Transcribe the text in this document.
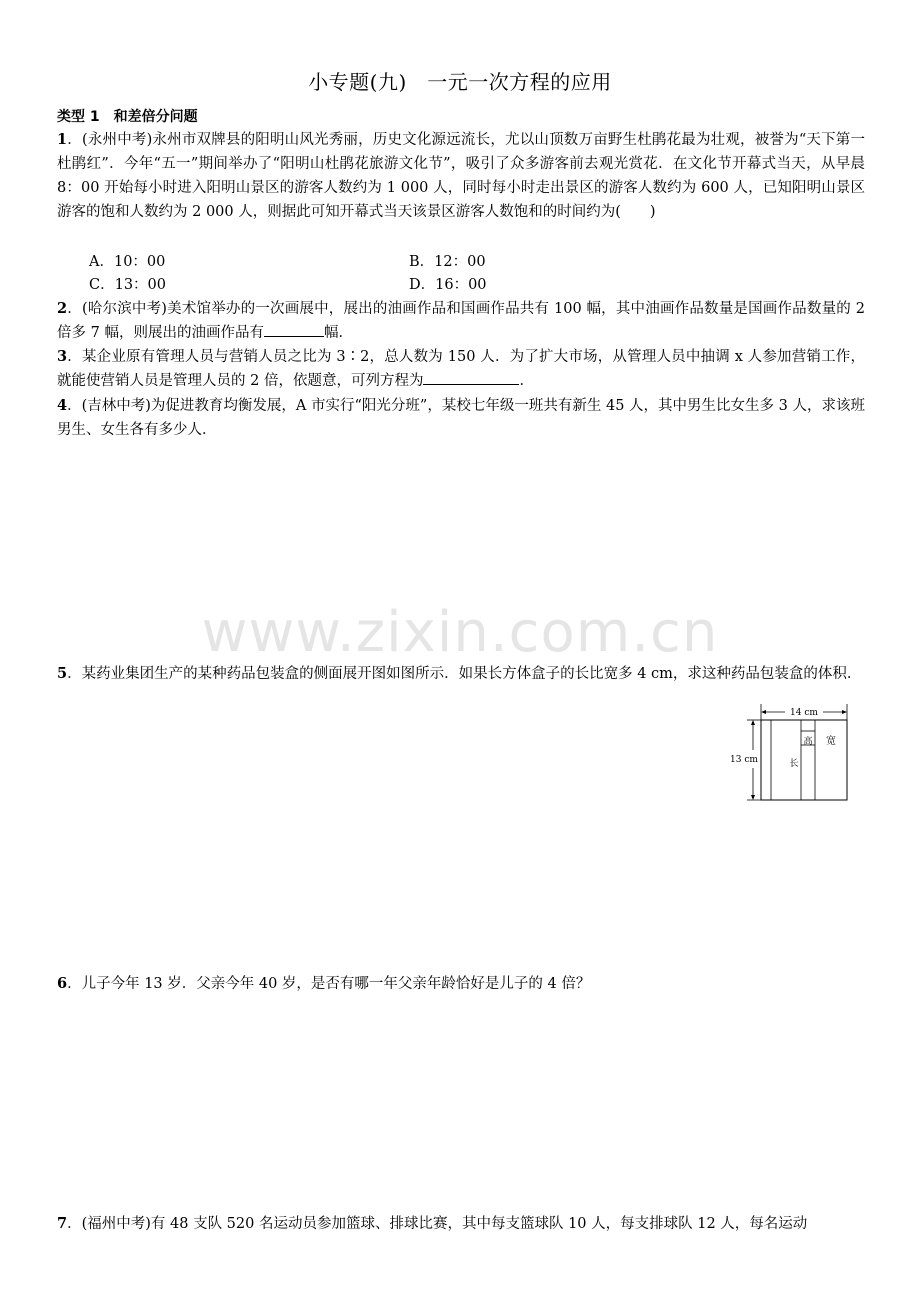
小专题(九)　一元一次方程的应用
类型 1　和差倍分问题
1．(永州中考)永州市双牌县的阳明山风光秀丽，历史文化源远流长，尤以山顶数万亩野生杜鹃花最为壮观，被誉为“天下第一杜鹃红”．今年“五一”期间举办了“阳明山杜鹃花旅游文化节”，吸引了众多游客前去观光赏花．在文化节开幕式当天，从早晨 8：00 开始每小时进入阳明山景区的游客人数约为 1 000 人，同时每小时走出景区的游客人数约为 600 人，已知阳明山景区游客的饱和人数约为 2 000 人，则据此可知开幕式当天该景区游客人数饱和的时间约为(　　)
A．10：00	B．12：00
C．13：00	D．16：00
2．(哈尔滨中考)美术馆举办的一次画展中，展出的油画作品和国画作品共有 100 幅，其中油画作品数量是国画作品数量的 2 倍多 7 幅，则展出的油画作品有	幅．
3．某企业原有管理人员与营销人员之比为 3∶2，总人数为 150 人．为了扩大市场，从管理人员中抽调 x 人参加营销工作，就能使营销人员是管理人员的 2 倍，依题意，可列方程为	．
4．(吉林中考)为促进教育均衡发展，A 市实行“阳光分班”，某校七年级一班共有新生 45 人，其中男生比女生多 3 人，求该班男生、女生各有多少人．
www.zixin.com.cn
5．某药业集团生产的某种药品包装盒的侧面展开图如图所示．如果长方体盒子的长比宽多 4 cm，求这种药品包装盒的体积．
14 cm
13 cm
高 宽
长
6．儿子今年 13 岁．父亲今年 40 岁，是否有哪一年父亲年龄恰好是儿子的 4 倍？
7．(福州中考)有 48 支队 520 名运动员参加篮球、排球比赛，其中每支篮球队 10 人，每支排球队 12 人，每名运动
